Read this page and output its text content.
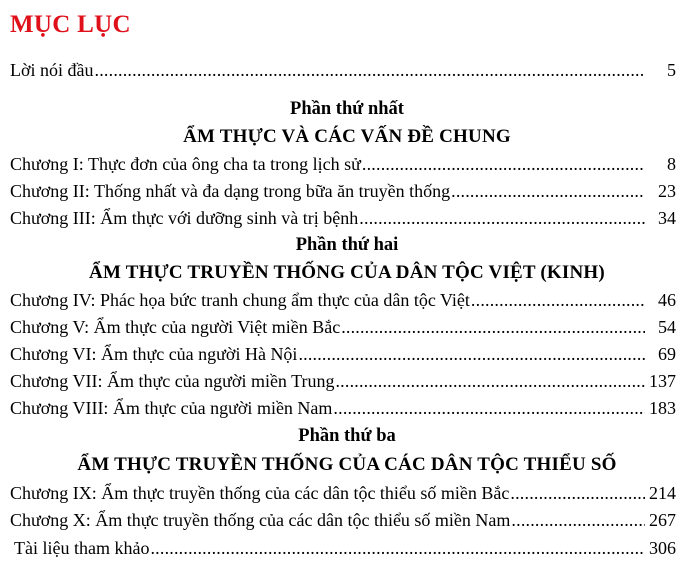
MỤC LỤC
Lời nói đầu .....	5
Phần thứ nhất
ẨM THỰC VÀ CÁC VẤN ĐỀ CHUNG
Chương I: Thực đơn của ông cha ta trong lịch sử .....	8
Chương II: Thống nhất và đa dạng trong bữa ăn truyền thống .....	23
Chương III: Ẩm thực với dưỡng sinh và trị bệnh .....	34
Phần thứ hai
ẨM THỰC TRUYỀN THỐNG CỦA DÂN TỘC VIỆT (KINH)
Chương IV: Phác họa bức tranh chung ẩm thực của dân tộc Việt .....	46
Chương V: Ẩm thực của người Việt miền Bắc .....	54
Chương VI: Ẩm thực của người Hà Nội .....	69
Chương VII: Ẩm thực của người miền Trung .....	137
Chương VIII: Ẩm thực của người miền Nam .....	183
Phần thứ ba
ẨM THỰC TRUYỀN THỐNG CỦA CÁC DÂN TỘC THIỂU SỐ
Chương IX: Ẩm thực truyền thống của các dân tộc thiểu số miền Bắc .....	214
Chương X: Ẩm thực truyền thống của các dân tộc thiểu số miền Nam .....	267
Tài liệu tham khảo .....	306
